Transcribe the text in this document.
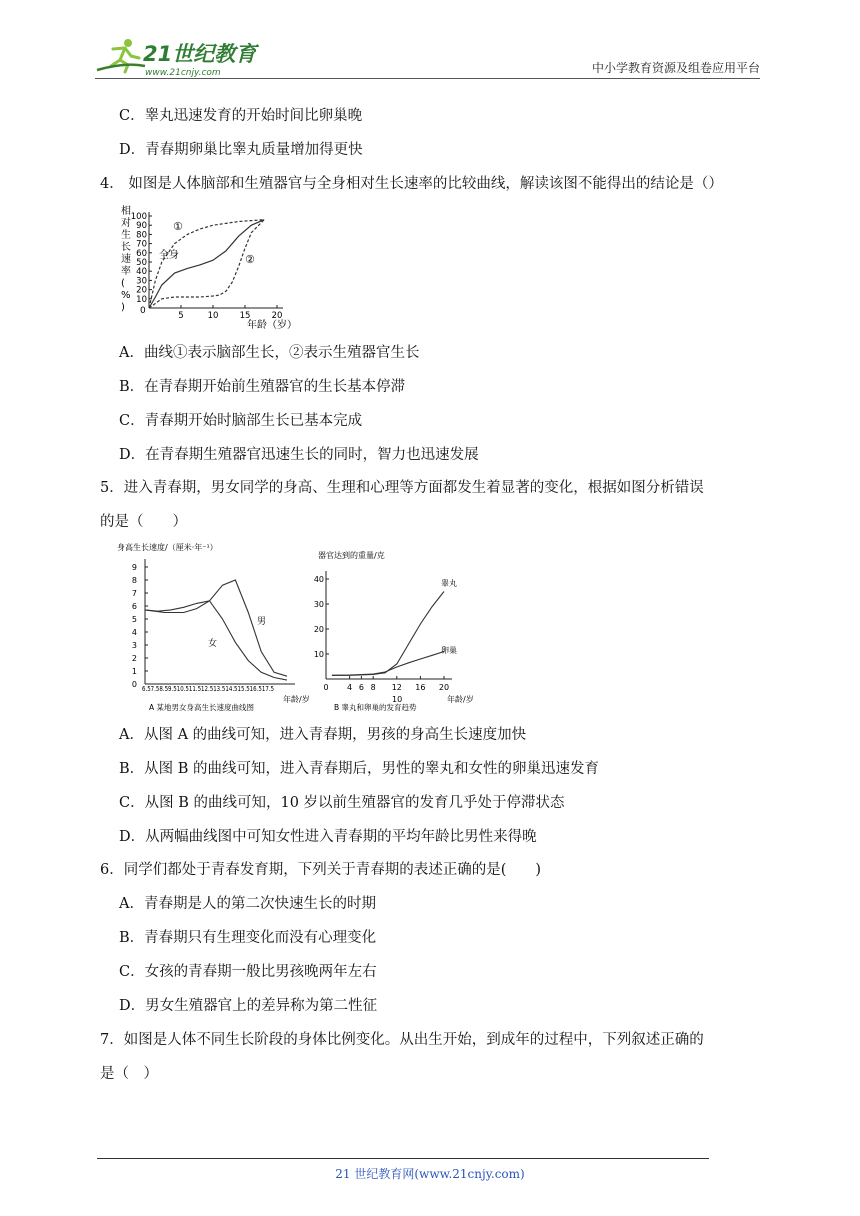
21世纪教育
www.21cnjy.com	中小学教育资源及组卷应用平台
C．睾丸迅速发育的开始时间比卵巢晚
D．青春期卵巢比睾丸质量增加得更快
4． 如图是人体脑部和生殖器官与全身相对生长速率的比较曲线，解读该图不能得出的结论是（）
相
对
生
长
速
率
(
%
)
10
20
30
40
50
60
70
80
90
100
5	10 15 20
全身
①
②
年龄（岁）
0
A．曲线①表示脑部生长，②表示生殖器官生长
B．在青春期开始前生殖器官的生长基本停滞
C．青春期开始时脑部生长已基本完成
D．在青春期生殖器官迅速生长的同时，智力也迅速发展
5．进入青春期，男女同学的身高、生理和心理等方面都发生着显著的变化，根据如图分析错误
的是（　　）
身高生长速度/（厘米·年⁻¹）
0
1
2
3
4
5
6
7
8
9
男
女
6.57.58.59.510.511.512.513.514.515.516.517.5
年龄/岁
A 某地男女身高生长速度曲线图
器官达到的重量/克
10
20
30
40
0 4 6 8 12 16 20
睾丸
卵巢
10	年龄/岁
B 睾丸和卵巢的发育趋势
A．从图 A 的曲线可知，进入青春期，男孩的身高生长速度加快
B．从图 B 的曲线可知，进入青春期后，男性的睾丸和女性的卵巢迅速发育
C．从图 B 的曲线可知，10 岁以前生殖器官的发育几乎处于停滞状态
D．从两幅曲线图中可知女性进入青春期的平均年龄比男性来得晚
6．同学们都处于青春发育期，下列关于青春期的表述正确的是(　　)
A．青春期是人的第二次快速生长的时期
B．青春期只有生理变化而没有心理变化
C．女孩的青春期一般比男孩晚两年左右
D．男女生殖器官上的差异称为第二性征
7．如图是人体不同生长阶段的身体比例变化。从出生开始，到成年的过程中，下列叙述正确的
是（　）
21 世纪教育网(www.21cnjy.com)
